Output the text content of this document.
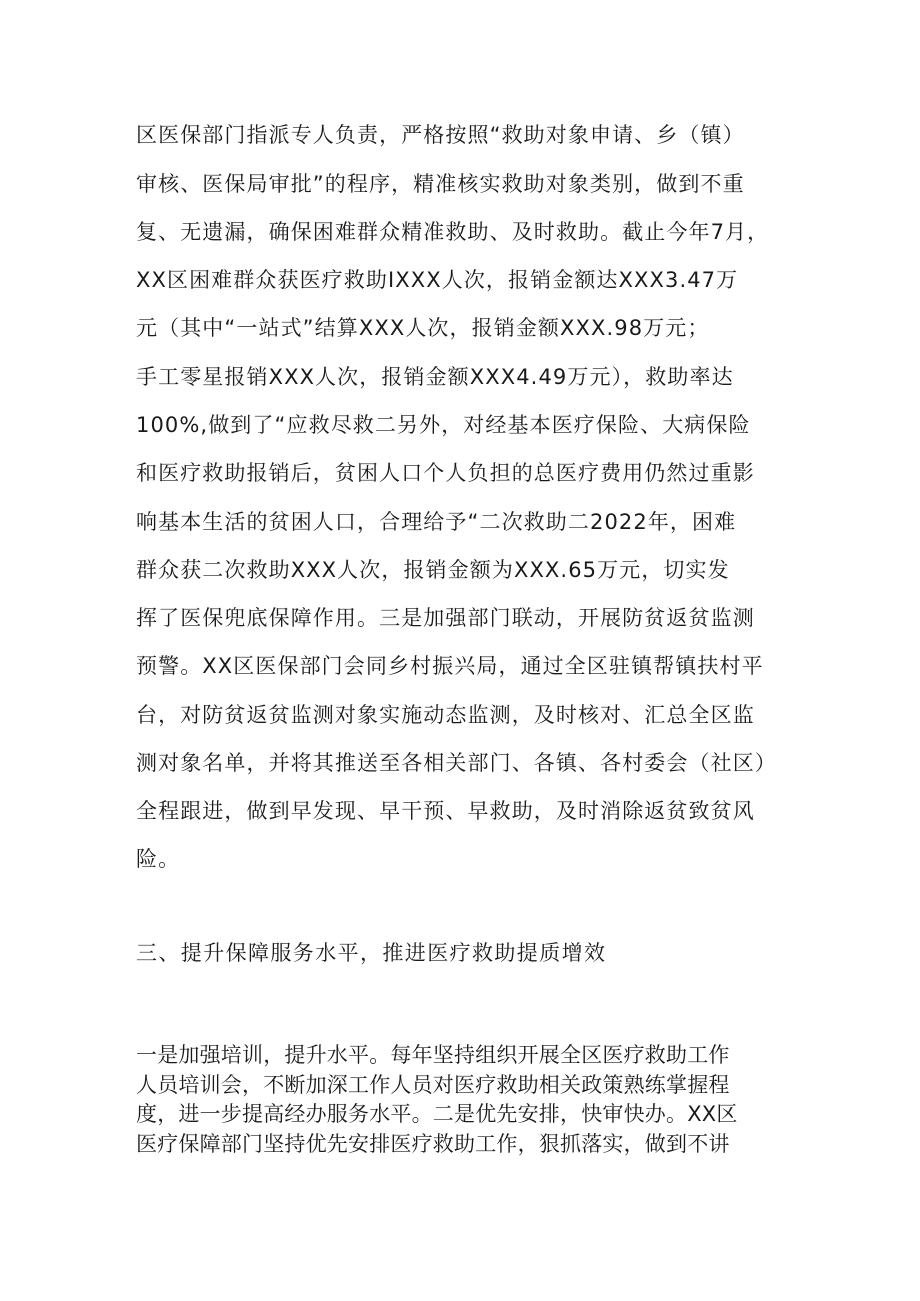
区医保部门指派专人负责，严格按照“救助对象申请、乡（镇）
审核、医保局审批”的程序，精准核实救助对象类别，做到不重
复、无遗漏，确保困难群众精准救助、及时救助。截止今年7月，
XX区困难群众获医疗救助IXXX人次，报销金额达XXX3.47万
元（其中“一站式”结算XXX人次，报销金额XXX.98万元；
手工零星报销XXX人次，报销金额XXX4.49万元），救助率达
100%,做到了“应救尽救二另外，对经基本医疗保险、大病保险
和医疗救助报销后，贫困人口个人负担的总医疗费用仍然过重影
响基本生活的贫困人口，合理给予“二次救助二2022年，困难
群众获二次救助XXX人次，报销金额为XXX.65万元，切实发
挥了医保兜底保障作用。三是加强部门联动，开展防贫返贫监测
预警。XX区医保部门会同乡村振兴局，通过全区驻镇帮镇扶村平
台，对防贫返贫监测对象实施动态监测，及时核对、汇总全区监
测对象名单，并将其推送至各相关部门、各镇、各村委会（社区）
全程跟进，做到早发现、早干预、早救助，及时消除返贫致贫风
险。
三、提升保障服务水平，推进医疗救助提质增效
一是加强培训，提升水平。每年坚持组织开展全区医疗救助工作
人员培训会，不断加深工作人员对医疗救助相关政策熟练掌握程
度，进一步提高经办服务水平。二是优先安排，快审快办。XX区
医疗保障部门坚持优先安排医疗救助工作，狠抓落实，做到不讲
